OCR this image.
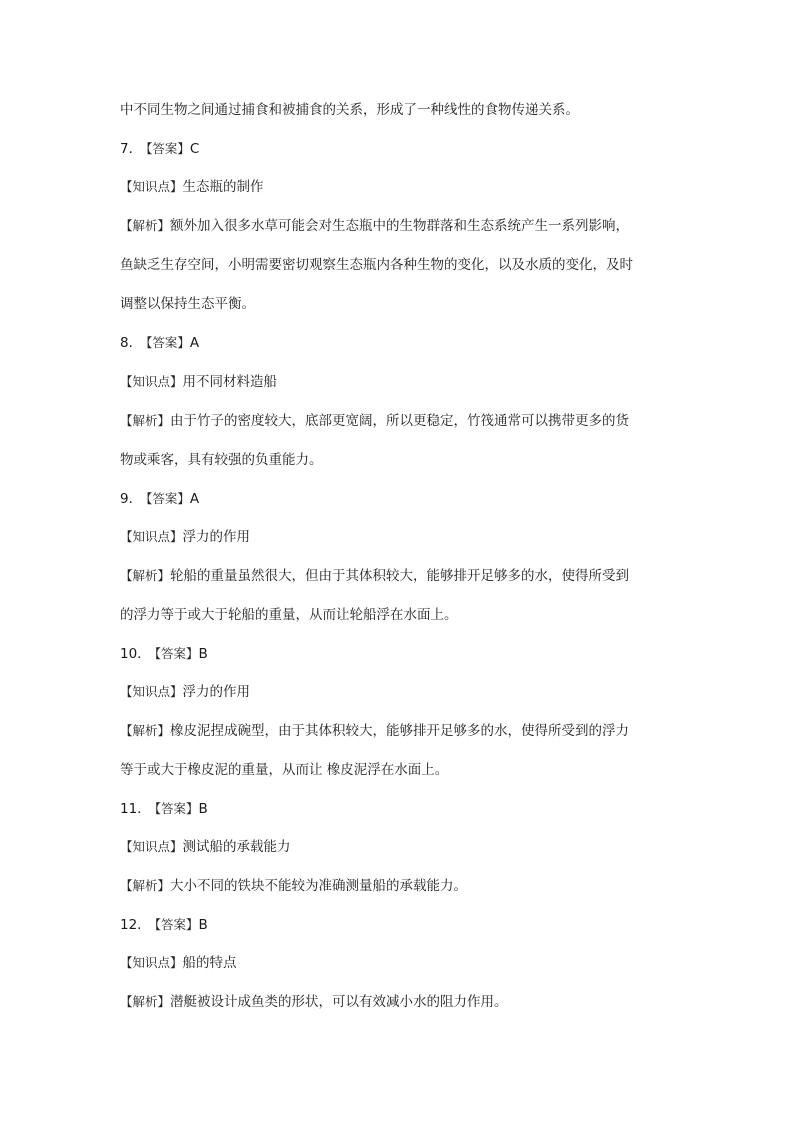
中不同生物之间通过捕食和被捕食的关系，形成了一种线性的食物传递关系。
7． 【答案】C
【知识点】生态瓶的制作
【解析】额外加入很多水草可能会对生态瓶中的生物群落和生态系统产生一系列影响，
鱼缺乏生存空间，小明需要密切观察生态瓶内各种生物的变化，以及水质的变化，及时
调整以保持生态平衡。
8． 【答案】A
【知识点】用不同材料造船
【解析】由于竹子的密度较大，底部更宽阔，所以更稳定，竹筏通常可以携带更多的货
物或乘客，具有较强的负重能力。
9． 【答案】A
【知识点】浮力的作用
【解析】轮船的重量虽然很大，但由于其体积较大，能够排开足够多的水，使得所受到
的浮力等于或大于轮船的重量，从而让轮船浮在水面上。
10． 【答案】B
【知识点】浮力的作用
【解析】橡皮泥捏成碗型，由于其体积较大，能够排开足够多的水，使得所受到的浮力
等于或大于橡皮泥的重量，从而让 橡皮泥浮在水面上。
11． 【答案】B
【知识点】测试船的承载能力
【解析】大小不同的铁块不能较为准确测量船的承载能力。
12． 【答案】B
【知识点】船的特点
【解析】潜艇被设计成鱼类的形状，可以有效减小水的阻力作用。
